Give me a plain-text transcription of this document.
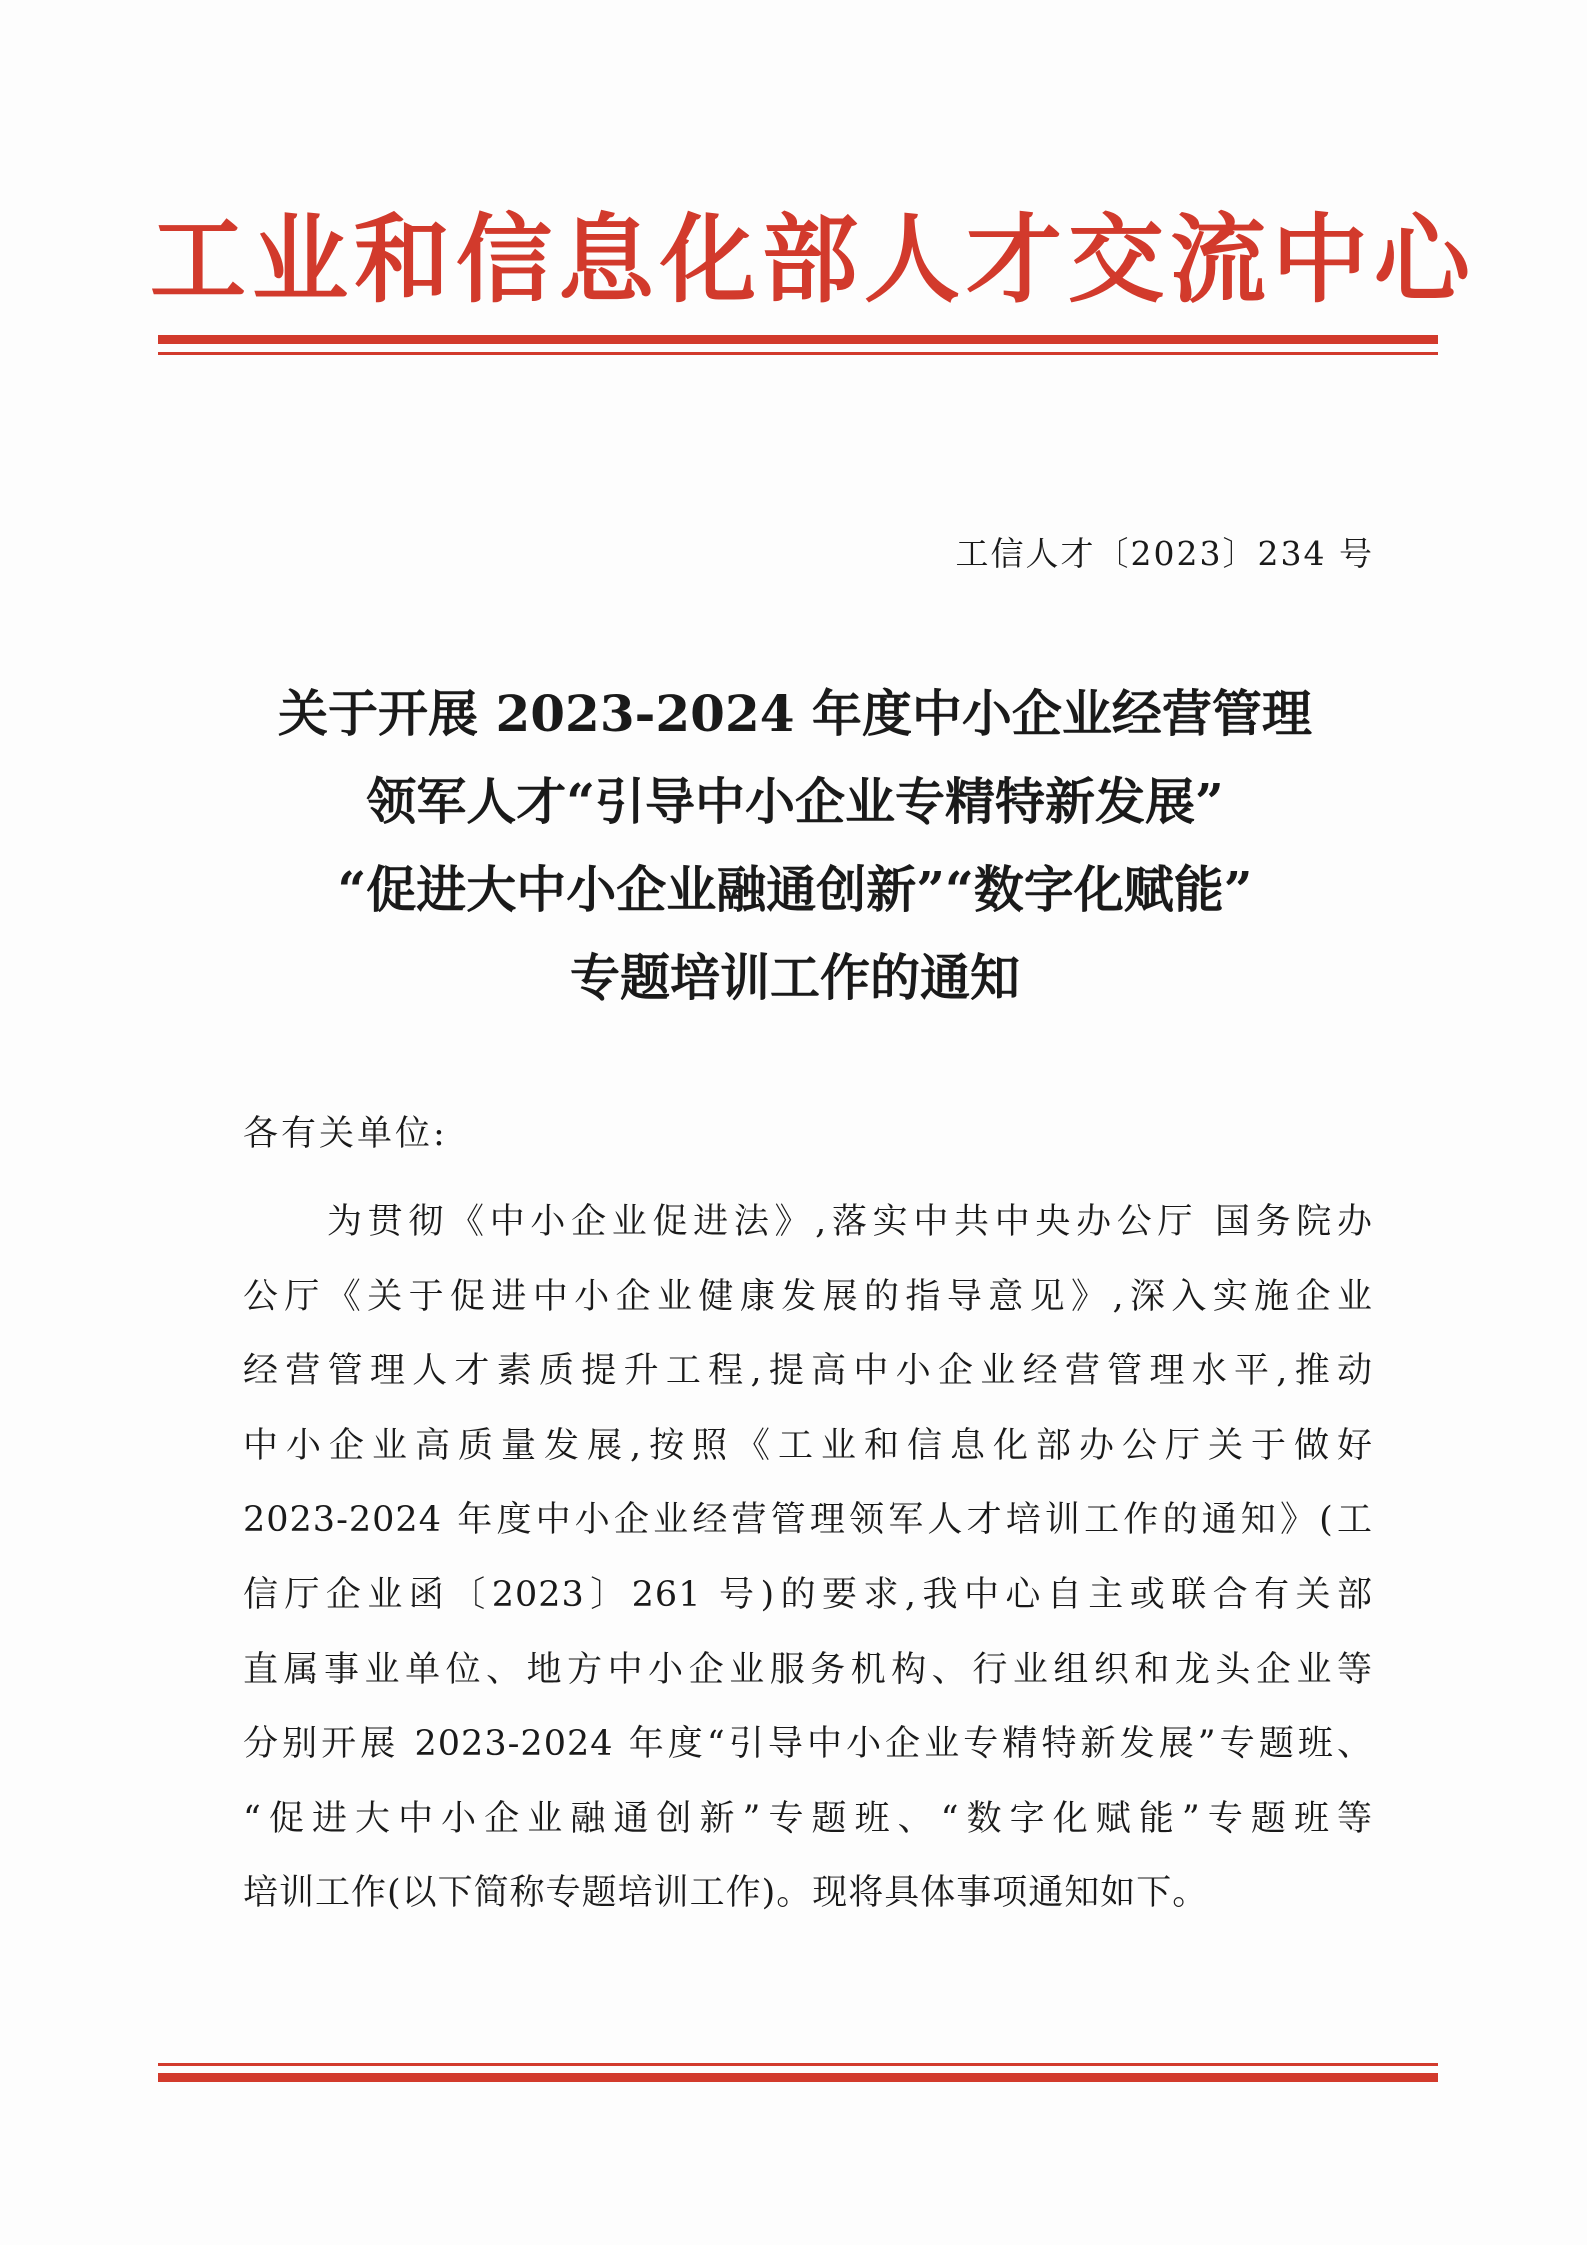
工业和信息化部人才交流中心
工信人才〔2023〕234 号
关于开展 2023-2024 年度中小企业经营管理
领军人才“引导中小企业专精特新发展”
“促进大中小企业融通创新”“数字化赋能”
专题培训工作的通知
各有关单位:
为贯彻《中小企业促进法》,落实中共中央办公厅 国务院办
公厅《关于促进中小企业健康发展的指导意见》,深入实施企业
经营管理人才素质提升工程,提高中小企业经营管理水平,推动
中小企业高质量发展,按照《工业和信息化部办公厅关于做好
2023-2024 年度中小企业经营管理领军人才培训工作的通知》(工
信厅企业函〔2023〕261 号)的要求,我中心自主或联合有关部
直属事业单位、地方中小企业服务机构、行业组织和龙头企业等
分别开展 2023-2024 年度“引导中小企业专精特新发展”专题班、
“促进大中小企业融通创新”专题班、“数字化赋能”专题班等
培训工作(以下简称专题培训工作)。现将具体事项通知如下。
